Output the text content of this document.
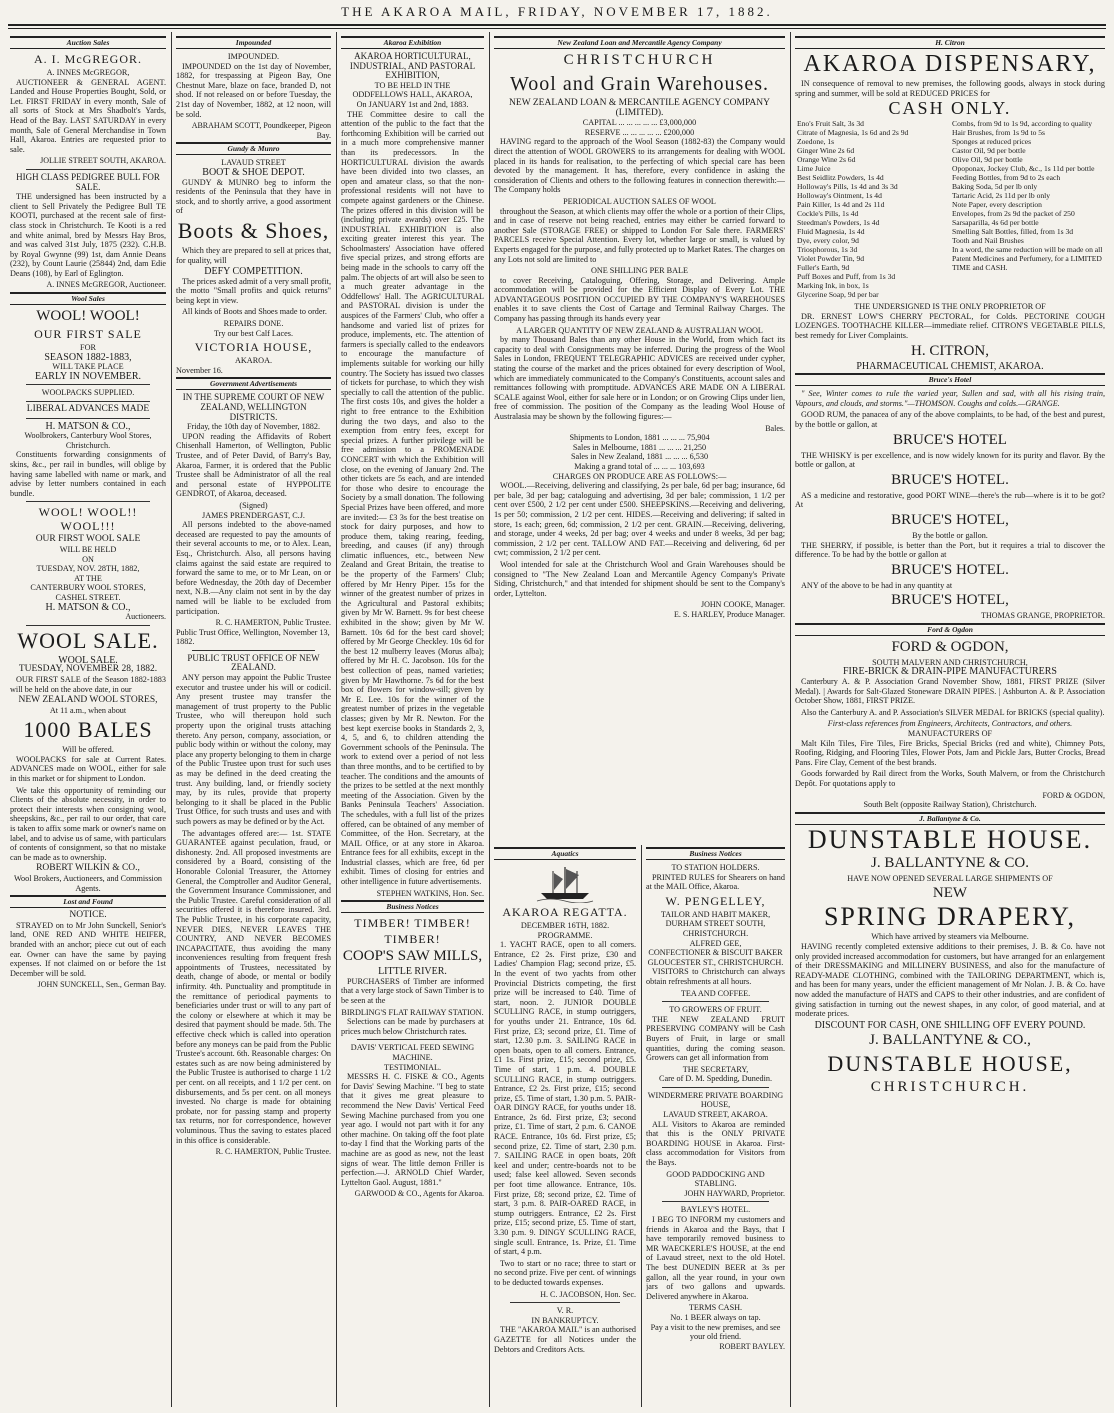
THE AKAROA MAIL, FRIDAY, NOVEMBER 17, 1882.
Auction Sales
A. I. McGREGOR.
A. INNES McGREGOR,

AUCTIONEER & GENERAL AGENT. Landed and House Properties Bought, Sold, or Let. FIRST FRIDAY in every month, Sale of all sorts of Stock at Mrs Shadbolt's Yards, Head of the Bay. LAST SATURDAY in every month, Sale of General Merchandise in Town Hall, Akaroa. Entries are requested prior to sale.

JOLLIE STREET SOUTH, AKAROA.
HIGH CLASS PEDIGREE BULL FOR SALE.

THE undersigned has been instructed by a client to Sell Privately the Pedigree Bull TE KOOTI, purchased at the recent sale of first-class stock in Christchurch. Te Kooti is a red and white animal, bred by Messrs Hay Bros, and was calved 31st July, 1875 (232). C.H.B. by Royal Gwynne (99) 1st, dam Annie Deans (232), by Count Laurie (25844) 2nd, dam Edie Deans (108), by Earl of Eglington.

A. INNES McGREGOR, Auctioneer.
Wool Sales
WOOL! WOOL!
OUR FIRST SALE
FOR
SEASON 1882-1883,
WILL TAKE PLACE
EARLY IN NOVEMBER.
WOOLPACKS SUPPLIED.
LIBERAL ADVANCES MADE
H. MATSON & CO.,
Woolbrokers, Canterbury Wool Stores, Christchurch.

Constituents forwarding consignments of skins, &c., per rail in bundles, will oblige by having same labelled with name or mark, and advise by letter numbers contained in each bundle.

WOOL! WOOL!! WOOL!!!
OUR FIRST WOOL SALE
WILL BE HELD
ON
TUESDAY, NOV. 28TH, 1882,
AT THE
CANTERBURY WOOL STORES,
CASHEL STREET.
H. MATSON & CO.,
Auctioneers.
WOOL SALE.
WOOL SALE.
TUESDAY, NOVEMBER 28, 1882.

OUR FIRST SALE of the Season 1882-1883 will be held on the above date, in our

NEW ZEALAND WOOL STORES,
At 11 a.m., when about
1000 BALES
Will be offered.

WOOLPACKS for sale at Current Rates. ADVANCES made on WOOL, either for sale in this market or for shipment to London.

We take this opportunity of reminding our Clients of the absolute necessity, in order to protect their interests when consigning wool, sheepskins, &c., per rail to our order, that care is taken to affix some mark or owner's name on label, and to advise us of same, with particulars of contents of consignment, so that no mistake can be made as to ownership.

ROBERT WILKIN & CO.,
Wool Brokers, Auctioneers, and Commission Agents.
Lost and Found
NOTICE.

STRAYED on to Mr John Sunckell, Senior's land, ONE RED AND WHITE HEIFER, branded with an anchor; piece cut out of each ear. Owner can have the same by paying expenses. If not claimed on or before the 1st December will be sold.

JOHN SUNCKELL, Sen., German Bay.
Impounded
IMPOUNDED.

IMPOUNDED on the 1st day of November, 1882, for trespassing at Pigeon Bay, One Chestnut Mare, blaze on face, branded D, not shod. If not released on or before Tuesday, the 21st day of November, 1882, at 12 noon, will be sold.

ABRAHAM SCOTT, Poundkeeper, Pigeon Bay.
Gundy & Munro
LAVAUD STREET
BOOT & SHOE DEPOT.

GUNDY & MUNRO beg to inform the residents of the Peninsula that they have in stock, and to shortly arrive, a good assortment of

Boots & Shoes,

Which they are prepared to sell at prices that, for quality, will

DEFY COMPETITION.

The prices asked admit of a very small profit, the motto "Small profits and quick returns" being kept in view.

All kinds of Boots and Shoes made to order.

REPAIRS DONE.
Try our best Calf Laces.
VICTORIA HOUSE,
AKAROA.
November 16.
Government Advertisements
IN THE SUPREME COURT OF NEW ZEALAND, WELLINGTON DISTRICTS.
Friday, the 10th day of November, 1882.

UPON reading the Affidavits of Robert Chisenhall Hamerton, of Wellington, Public Trustee, and of Peter David, of Barry's Bay, Akaroa, Farmer, it is ordered that the Public Trustee shall be Administrator of all the real and personal estate of HYPPOLITE GENDROT, of Akaroa, deceased.

(Signed)
JAMES PRENDERGAST, C.J.

All persons indebted to the above-named deceased are requested to pay the amounts of their several accounts to me, or to Alex. Lean, Esq., Christchurch. Also, all persons having claims against the said estate are required to forward the same to me, or to Mr Lean, on or before Wednesday, the 20th day of December next, N.B.—Any claim not sent in by the day named will be liable to be excluded from participation.

R. C. HAMERTON, Public Trustee.
Public Trust Office, Wellington, November 13, 1882.
PUBLIC TRUST OFFICE OF NEW ZEALAND.

ANY person may appoint the Public Trustee executor and trustee under his will or codicil. Any present trustee may transfer the management of trust property to the Public Trustee, who will thereupon hold such property upon the original trusts attaching thereto. Any person, company, association, or public body within or without the colony, may place any property belonging to them in charge of the Public Trustee upon trust for such uses as may be defined in the deed creating the trust. Any building, land, or friendly society may, by its rules, provide that property belonging to it shall be placed in the Public Trust Office, for such trusts and uses and with such powers as may be defined or by the Act.

The advantages offered are:— 1st. STATE GUARANTEE against peculation, fraud, or dishonesty. 2nd. All proposed investments are considered by a Board, consisting of the Honorable Colonial Treasurer, the Attorney General, the Comptroller and Auditor General, the Government Insurance Commissioner, and the Public Trustee. Careful consideration of all securities offered it is therefore insured. 3rd. The Public Trustee, in his corporate capacity, NEVER DIES, NEVER LEAVES THE COUNTRY, AND NEVER BECOMES INCAPACITATE, thus avoiding the many inconveniences resulting from frequent fresh appointments of Trustees, necessitated by death, change of abode, or mental or bodily infirmity. 4th. Punctuality and promptitude in the remittance of periodical payments to beneficiaries under trust or will to any part of the colony or elsewhere at which it may be desired that payment should be made. 5th. The effective check which is called into operation before any moneys can be paid from the Public Trustee's account. 6th. Reasonable charges: On estates such as are now being administered by the Public Trustee is authorised to charge 1 1/2 per cent. on all receipts, and 1 1/2 per cent. on disbursements, and 5s per cent. on all moneys invested. No charge is made for obtaining probate, nor for passing stamp and property tax returns, nor for correspondence, however voluminous. Thus the saving to estates placed in this office is considerable.

R. C. HAMERTON, Public Trustee.
Akaroa Exhibition
AKAROA HORTICULTURAL, INDUSTRIAL, AND PASTORAL EXHIBITION,
TO BE HELD IN THE
ODDFELLOWS HALL, AKAROA,
On JANUARY 1st and 2nd, 1883.

THE Committee desire to call the attention of the public to the fact that the forthcoming Exhibition will be carried out in a much more comprehensive manner than its predecessors. In the HORTICULTURAL division the awards have been divided into two classes, an open and amateur class, so that the non-professional residents will not have to compete against gardeners or the Chinese. The prizes offered in this division will be (including private awards) over £25. The INDUSTRIAL EXHIBITION is also exciting greater interest this year. The Schoolmasters' Association have offered five special prizes, and strong efforts are being made in the schools to carry off the palm. The objects of art will also be seen to a much greater advantage in the Oddfellows' Hall. The AGRICULTURAL and PASTORAL division is under the auspices of the Farmers' Club, who offer a handsome and varied list of prizes for produce, implements, etc. The attention of farmers is specially called to the endeavors to encourage the manufacture of implements suitable for working our hilly country. The Society has issued two classes of tickets for purchase, to which they wish specially to call the attention of the public. The first costs 10s, and gives the holder a right to free entrance to the Exhibition during the two days, and also to the exemption from entry fees, except for special prizes. A further privilege will be free admission to a PROMENADE CONCERT with which the Exhibition will close, on the evening of January 2nd. The other tickets are 5s each, and are intended for those who desire to encourage the Society by a small donation. The following Special Prizes have been offered, and more are invited:— £3 3s for the best treatise on stock for dairy purposes, and how to produce them, taking rearing, feeding, breeding, and causes (if any) through climatic influences, etc., between New Zealand and Great Britain, the treatise to be the property of the Farmers' Club; offered by Mr Henry Piper. 15s for the winner of the greatest number of prizes in the Agricultural and Pastoral exhibits; given by Mr W. Barnett. 9s for best cheese exhibited in the show; given by Mr W. Barnett. 10s 6d for the best card shovel; offered by Mr George Checkley. 10s 6d for the best 12 mulberry leaves (Morus alba); offered by Mr H. C. Jacobson. 10s for the best collection of peas, named varieties; given by Mr Hawthorne. 7s 6d for the best box of flowers for window-sill; given by Mr E. Lee. 10s for the winner of the greatest number of prizes in the vegetable classes; given by Mr R. Newton. For the best kept exercise books in Standards 2, 3, 4, 5, and 6, to children attending the Government schools of the Peninsula. The work to extend over a period of not less than three months, and to be certified to by teacher. The conditions and the amounts of the prizes to be settled at the next monthly meeting of the Association. Given by the Banks Peninsula Teachers' Association. The schedules, with a full list of the prizes offered, can be obtained of any member of Committee, of the Hon. Secretary, at the MAIL Office, or at any store in Akaroa. Entrance fees for all exhibits, except in the Industrial classes, which are free, 6d per exhibit. Times of closing for entries and other intelligence in future advertisements.

STEPHEN WATKINS, Hon. Sec.
Business Notices
TIMBER! TIMBER!
TIMBER!
COOP'S SAW MILLS,
LITTLE RIVER.

PURCHASERS of Timber are informed that a very large stock of Sawn Timber is to be seen at the

BIRDLING'S FLAT RAILWAY STATION.

Selections can be made by purchasers at prices much below Christchurch rates.

DAVIS' VERTICAL FEED SEWING MACHINE.
TESTIMONIAL.

MESSRS H. C. FISKE & CO., Agents for Davis' Sewing Machine. "I beg to state that it gives me great pleasure to recommend the New Davis' Vertical Feed Sewing Machine purchased from you one year ago. I would not part with it for any other machine. On taking off the foot plate to-day I find that the Working parts of the machine are as good as new, not the least signs of wear. The little demon Friller is perfection.—J. ARNOLD Chief Warder, Lyttelton Gaol. August, 1881."

GARWOOD & CO., Agents for Akaroa.
New Zealand Loan and Mercantile Agency Company
CHRISTCHURCH
Wool and Grain Warehouses.
NEW ZEALAND LOAN & MERCANTILE AGENCY COMPANY (LIMITED).
CAPITAL ... ... ... ... ... £3,000,000
RESERVE ... ... ... ... ... £200,000

HAVING regard to the approach of the Wool Season (1882-83) the Company would direct the attention of WOOL GROWERS to its arrangements for dealing with WOOL placed in its hands for realisation, to the perfecting of which special care has been devoted by the management. It has, therefore, every confidence in asking the consideration of Clients and others to the following features in connection therewith:— The Company holds

PERIODICAL AUCTION SALES OF WOOL

throughout the Season, at which clients may offer the whole or a portion of their Clips, and in case of reserve not being reached, entries may either be carried forward to another Sale (STORAGE FREE) or shipped to London For Sale there. FARMERS' PARCELS receive Special Attention. Every lot, whether large or small, is valued by Experts engaged for the purpose, and fully protected up to Market Rates. The charges on any Lots not sold are limited to

ONE SHILLING PER BALE

to cover Receiving, Cataloguing, Offering, Storage, and Delivering. Ample accommodation will be provided for the Efficient Display of Every Lot. THE ADVANTAGEOUS POSITION OCCUPIED BY THE COMPANY'S WAREHOUSES enables it to save clients the Cost of Cartage and Terminal Railway Charges. The Company has passing through its hands every year

A LARGER QUANTITY OF NEW ZEALAND & AUSTRALIAN WOOL

by many Thousand Bales than any other House in the World, from which fact its capacity to deal with Consignments may be inferred. During the progress of the Wool Sales in London, FREQUENT TELEGRAPHIC ADVICES are received under cypher, stating the course of the market and the prices obtained for every description of Wool, which are immediately communicated to the Company's Constituents, account sales and remittances following with promptitude. ADVANCES ARE MADE ON A LIBERAL SCALE against Wool, either for sale here or in London; or on Growing Clips under lien, free of commission. The position of the Company as the leading Wool House of Australasia may be shown by the following figures:—

Bales.
Shipments to London, 1881 ... ... ... 75,904
Sales in Melbourne, 1881 ... ... ... 21,250
Sales in New Zealand, 1881 ... ... ... 6,530
Making a grand total of ... ... ... 103,693
CHARGES ON PRODUCE ARE AS FOLLOWS:—

WOOL.—Receiving, delivering and classifying, 2s per bale, 6d per bag; insurance, 6d per bale, 3d per bag; cataloguing and advertising, 3d per bale; commission, 1 1/2 per cent over £500, 2 1/2 per cent under £500. SHEEPSKINS.—Receiving and delivering, 1s per 50; commission, 2 1/2 per cent. HIDES.—Receiving and delivering; if salted in store, 1s each; green, 6d; commission, 2 1/2 per cent. GRAIN.—Receiving, delivering, and storage, under 4 weeks, 2d per bag; over 4 weeks and under 8 weeks, 3d per bag; commission, 2 1/2 per cent. TALLOW AND FAT.—Receiving and delivering, 6d per cwt; commission, 2 1/2 per cent.

Wool intended for sale at the Christchurch Wool and Grain Warehouses should be consigned to "The New Zealand Loan and Mercantile Agency Company's Private Siding, Christchurch," and that intended for shipment should be sent to the Company's order, Lyttelton.

JOHN COOKE, Manager.
E. S. HARLEY, Produce Manager.
Aquatics
AKAROA REGATTA.
DECEMBER 16TH, 1882.
PROGRAMME.

1. YACHT RACE, open to all comers. Entrance, £2 2s. First prize, £30 and Ladies' Champion Flag; second prize, £5. In the event of two yachts from other Provincial Districts competing, the first prize will be increased to £40. Time of start, noon. 2. JUNIOR DOUBLE SCULLING RACE, in stump outriggers, for youths under 21. Entrance, 10s 6d. First prize, £3; second prize, £1. Time of start, 12.30 p.m. 3. SAILING RACE in open boats, open to all comers. Entrance, £1 1s. First prize, £15; second prize, £5. Time of start, 1 p.m. 4. DOUBLE SCULLING RACE, in stump outriggers. Entrance, £2 2s. First prize, £15; second prize, £5. Time of start, 1.30 p.m. 5. PAIR-OAR DINGY RACE, for youths under 18. Entrance, 2s 6d. First prize, £3; second prize, £1. Time of start, 2 p.m. 6. CANOE RACE. Entrance, 10s 6d. First prize, £5; second prize, £2. Time of start, 2.30 p.m. 7. SAILING RACE in open boats, 20ft keel and under; centre-boards not to be used; false keel allowed. Seven seconds per foot time allowance. Entrance, 10s. First prize, £8; second prize, £2. Time of start, 3 p.m. 8. PAIR-OARED RACE, in stump outriggers. Entrance, £2 2s. First prize, £15; second prize, £5. Time of start, 3.30 p.m. 9. DINGY SCULLING RACE, single scull. Entrance, 1s. Prize, £1. Time of start, 4 p.m.

Two to start or no race; three to start or no second prize. Five per cent. of winnings to be deducted towards expenses.

H. C. JACOBSON, Hon. Sec.
V. R.
IN BANKRUPTCY.

THE "AKAROA MAIL" is an authorised GAZETTE for all Notices under the Debtors and Creditors Acts.

Business Notices
TO STATION HOLDERS.

PRINTED RULES for Shearers on hand at the MAIL Office, Akaroa.

W. PENGELLEY,
TAILOR AND HABIT MAKER,
DURHAM STREET SOUTH,
CHRISTCHURCH.
ALFRED GEE,
CONFECTIONER & BISCUIT BAKER
GLOUCESTER ST., CHRISTCHURCH.

VISITORS to Christchurch can always obtain refreshments at all hours.

TEA AND COFFEE.
TO GROWERS OF FRUIT.

THE NEW ZEALAND FRUIT PRESERVING COMPANY will be Cash Buyers of Fruit, in large or small quantities, during the coming season. Growers can get all information from

THE SECRETARY,
Care of D. M. Spedding, Dunedin.
WINDERMERE PRIVATE BOARDING HOUSE,
LAVAUD STREET, AKAROA.

ALL Visitors to Akaroa are reminded that this is the ONLY PRIVATE BOARDING HOUSE in Akaroa. First-class accommodation for Visitors from the Bays.

GOOD PADDOCKING AND STABLING.
JOHN HAYWARD, Proprietor.
BAYLEY'S HOTEL.

I BEG TO INFORM my customers and friends in Akaroa and the Bays, that I have temporarily removed business to MR WAECKERLE'S HOUSE, at the end of Lavaud street, next to the old Hotel. The best DUNEDIN BEER at 3s per gallon, all the year round, in your own jars of two gallons and upwards. Delivered anywhere in Akaroa.

TERMS CASH.
No. 1 BEER always on tap.
Pay a visit to the new premises, and see your old friend.
ROBERT BAYLEY.
H. Citron
AKAROA DISPENSARY,

IN consequence of removal to new premises, the following goods, always in stock during spring and summer, will be sold at REDUCED PRICES for

CASH ONLY.
Eno's Fruit Salt, 3s 3d
Citrate of Magnesia, 1s 6d and 2s 9d
Zoedone, 1s
Ginger Wine 2s 6d
Orange Wine 2s 6d
Lime Juice
Best Seidlitz Powders, 1s 4d
Holloway's Pills, 1s 4d and 3s 3d
Holloway's Ointment, 1s 4d
Pain Killer, 1s 4d and 2s 11d
Cockle's Pills, 1s 4d
Steedman's Powders, 1s 4d
Fluid Magnesia, 1s 4d
Dye, every color, 9d
Triosphorous, 1s 3d
Violet Powder Tin, 9d
Fuller's Earth, 9d
Puff Boxes and Puff, from 1s 3d
Marking Ink, in box, 1s
Glycerine Soap, 9d per bar

Combs, from 9d to 1s 9d, according to quality
Hair Brushes, from 1s 9d to 5s
Sponges at reduced prices
Castor Oil, 9d per bottle
Olive Oil, 9d per bottle
Opoponax, Jockey Club, &c., 1s 11d per bottle
Feeding Bottles, from 9d to 2s each
Baking Soda, 5d per lb only
Tartaric Acid, 2s 11d per lb only
Note Paper, every description
Envelopes, from 2s 9d the packet of 250
Sarsaparilla, 4s 6d per bottle
Smelling Salt Bottles, filled, from 1s 3d
Tooth and Nail Brushes
In a word, the same reduction will be made on all Patent Medicines and Perfumery, for a LIMITED TIME and CASH.
THE UNDERSIGNED IS THE ONLY PROPRIETOR OF

DR. ERNEST LOW'S CHERRY PECTORAL, for Colds. PECTORINE COUGH LOZENGES. TOOTHACHE KILLER—immediate relief. CITRON'S VEGETABLE PILLS, best remedy for Liver Complaints.

H. CITRON,
PHARMACEUTICAL CHEMIST, AKAROA.
Bruce's Hotel

" See, Winter comes to rule the varied year, Sullen and sad, with all his rising train, Vapours, and clouds, and storms."—THOMSON. Coughs and colds.—GRANGE.

GOOD RUM, the panacea of any of the above complaints, to be had, of the best and purest, by the bottle or gallon, at

BRUCE'S HOTEL

THE WHISKY is per excellence, and is now widely known for its purity and flavor. By the bottle or gallon, at

BRUCE'S HOTEL.

AS a medicine and restorative, good PORT WINE—there's the rub—where is it to be got? At

BRUCE'S HOTEL,
By the bottle or gallon.

THE SHERRY, if possible, is better than the Port, but it requires a trial to discover the difference. To be had by the bottle or gallon at

BRUCE'S HOTEL.

ANY of the above to be had in any quantity at

BRUCE'S HOTEL,
THOMAS GRANGE, PROPRIETOR.
Ford & Ogdon
FORD & OGDON,
SOUTH MALVERN AND CHRISTCHURCH,
FIRE-BRICK & DRAIN-PIPE MANUFACTURERS

Canterbury A. & P. Association Grand November Show, 1881, FIRST PRIZE (Silver Medal). | Awards for Salt-Glazed Stoneware DRAIN PIPES. | Ashburton A. & P. Association October Show, 1881, FIRST PRIZE.

Also the Canterbury A. and P. Association's SILVER MEDAL for BRICKS (special quality).

First-class references from Engineers, Architects, Contractors, and others.
MANUFACTURERS OF

Malt Kiln Tiles, Fire Tiles, Fire Bricks, Special Bricks (red and white), Chimney Pots, Roofing, Ridging, and Flooring Tiles, Flower Pots, Jam and Pickle Jars, Butter Crocks, Bread Pans. Fire Clay, Cement of the best brands.

Goods forwarded by Rail direct from the Works, South Malvern, or from the Christchurch Depôt. For quotations apply to

FORD & OGDON,
South Belt (opposite Railway Station), Christchurch.
J. Ballantyne & Co.
DUNSTABLE HOUSE.
J. BALLANTYNE & CO.
HAVE NOW OPENED SEVERAL LARGE SHIPMENTS OF
NEW
SPRING DRAPERY,
Which have arrived by steamers via Melbourne.

HAVING recently completed extensive additions to their premises, J. B. & Co. have not only provided increased accommodation for customers, but have arranged for an enlargement of their DRESSMAKING and MILLINERY BUSINESS, and also for the manufacture of READY-MADE CLOTHING, combined with the TAILORING DEPARTMENT, which is, and has been for many years, under the efficient management of Mr Nolan. J. B. & Co. have now added the manufacture of HATS and CAPS to their other industries, and are confident of giving satisfaction in turning out the newest shapes, in any color, of good material, and at moderate prices.

DISCOUNT FOR CASH, ONE SHILLING OFF EVERY POUND.
J. BALLANTYNE & CO.,
DUNSTABLE HOUSE,
CHRISTCHURCH.
